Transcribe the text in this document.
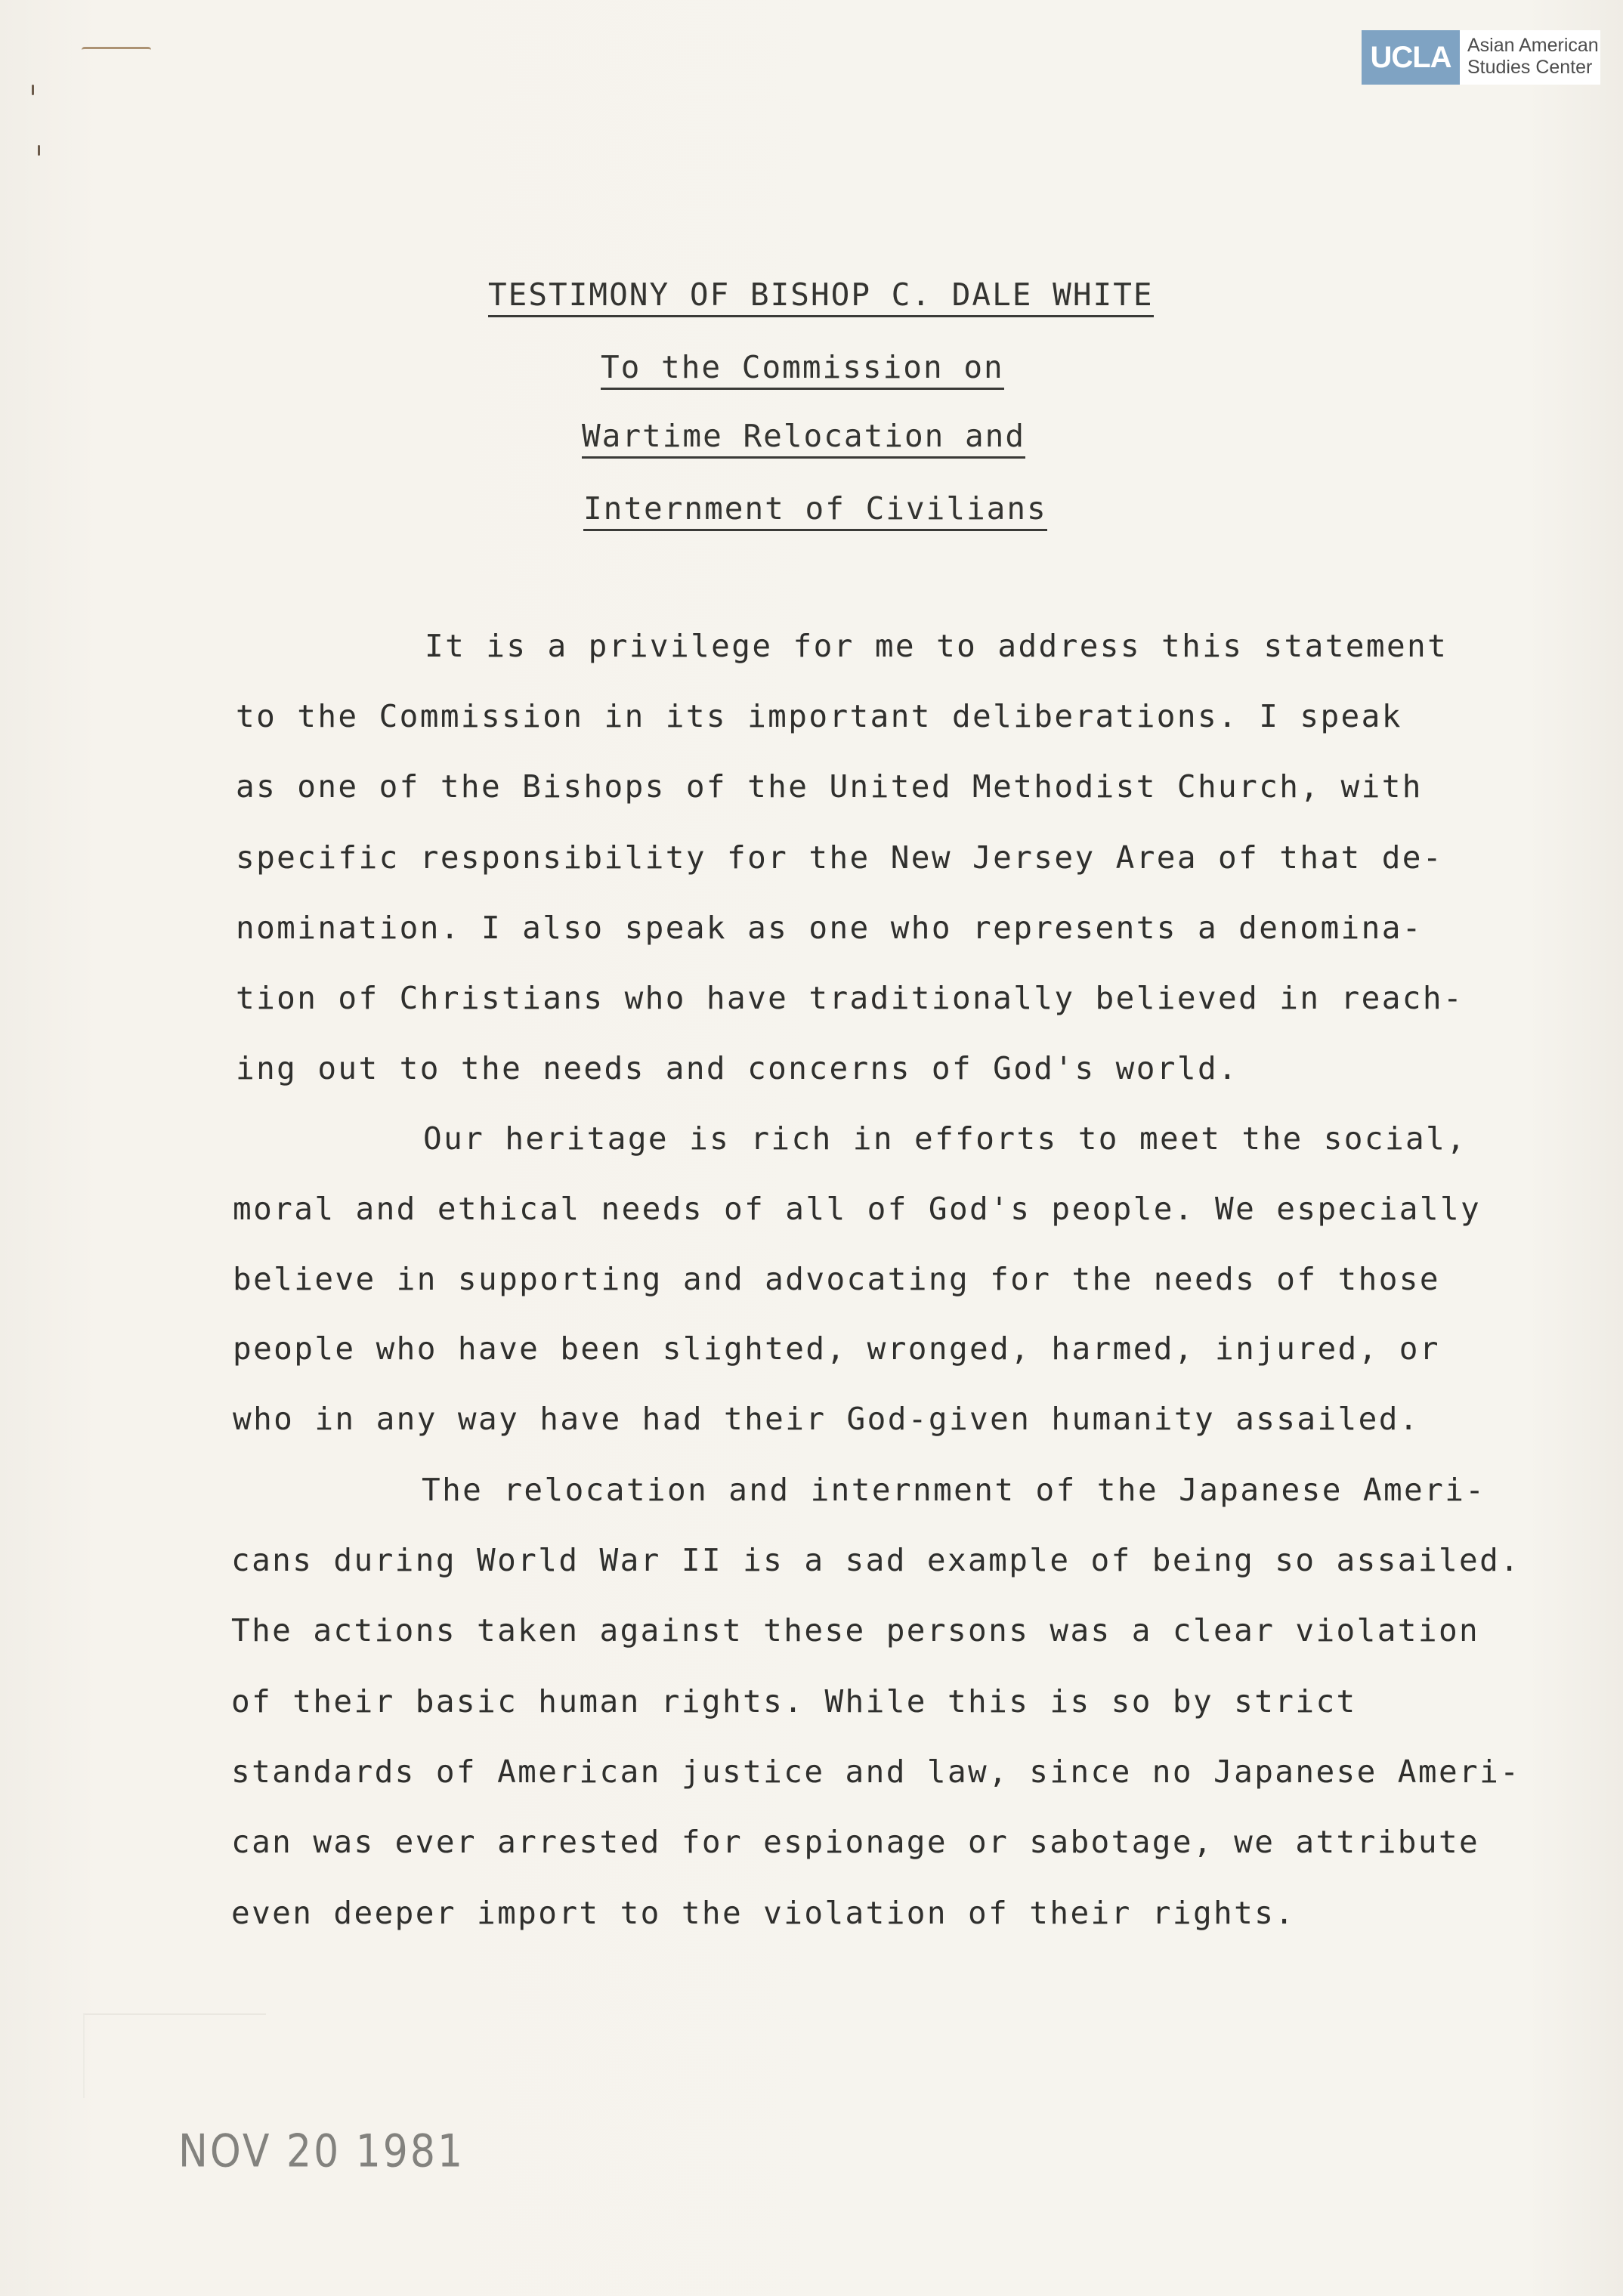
UCLA Asian American
Studies Center
TESTIMONY OF BISHOP C. DALE WHITE
To the Commission on
Wartime Relocation and
Internment of Civilians
It is a privilege for me to address this statement
to the Commission in its important deliberations. I speak
as one of the Bishops of the United Methodist Church, with
specific responsibility for the New Jersey Area of that de-
nomination. I also speak as one who represents a denomina-
tion of Christians who have traditionally believed in reach-
ing out to the needs and concerns of God's world.
Our heritage is rich in efforts to meet the social,
moral and ethical needs of all of God's people. We especially
believe in supporting and advocating for the needs of those
people who have been slighted, wronged, harmed, injured, or
who in any way have had their God-given humanity assailed.
The relocation and internment of the Japanese Ameri-
cans during World War II is a sad example of being so assailed.
The actions taken against these persons was a clear violation
of their basic human rights. While this is so by strict
standards of American justice and law, since no Japanese Ameri-
can was ever arrested for espionage or sabotage, we attribute
even deeper import to the violation of their rights.
NOV 20 1981
